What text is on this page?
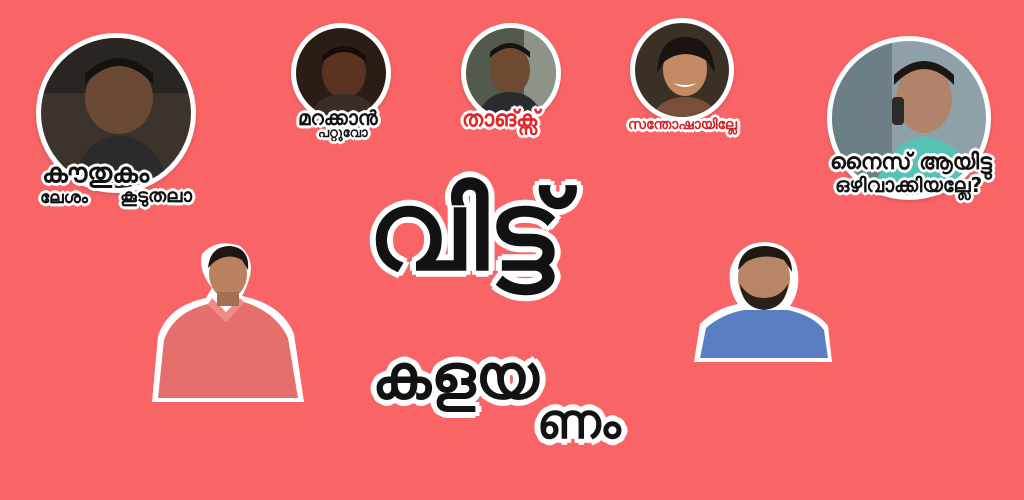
കൗതുകം
ലേശം കൂടുതലാ
മറക്കാൻ
പറ്റുവോ
താങ്ക്സ്	സന്തോഷായില്ലേ
നൈസ് ആയിട്ടു
ഒഴിവാക്കിയല്ലേ?
വിട്ട്
കളയ
ണം
